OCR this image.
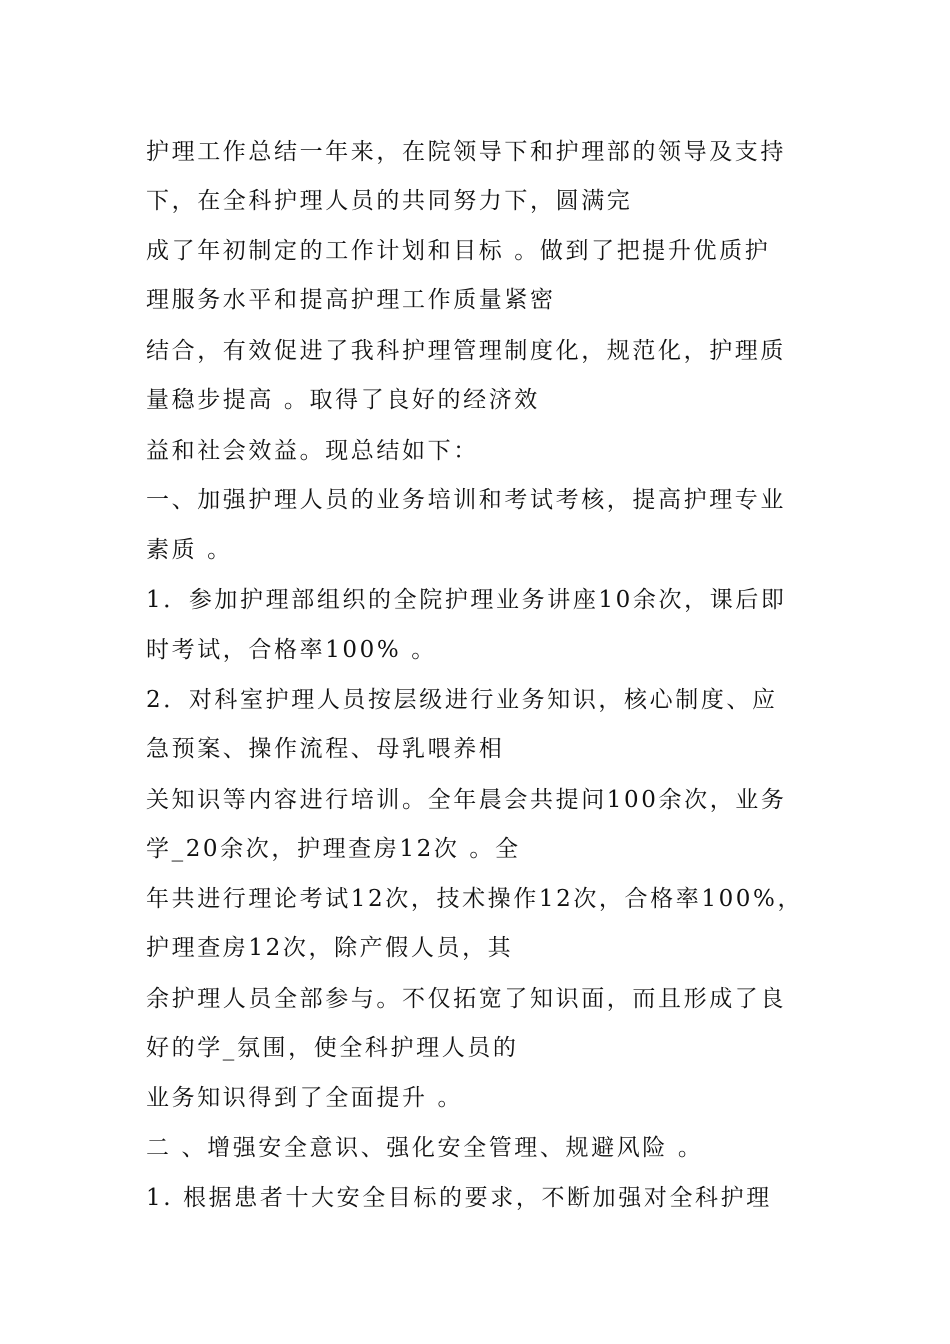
护理工作总结一年来，在院领导下和护理部的领导及支持
下，在全科护理人员的共同努力下，圆满完
成了年初制定的工作计划和目标 。做到了把提升优质护
理服务水平和提高护理工作质量紧密
结合，有效促进了我科护理管理制度化，规范化，护理质
量稳步提高 。取得了良好的经济效
益和社会效益。现总结如下：
一、加强护理人员的业务培训和考试考核，提高护理专业
素质 。
1．参加护理部组织的全院护理业务讲座10余次，课后即
时考试，合格率100% 。
2．对科室护理人员按层级进行业务知识，核心制度、应
急预案、操作流程、母乳喂养相
关知识等内容进行培训。全年晨会共提问100余次，业务
学_20余次，护理查房12次 。全
年共进行理论考试12次，技术操作12次，合格率100%，
护理查房12次，除产假人员，其
余护理人员全部参与。不仅拓宽了知识面，而且形成了良
好的学_氛围，使全科护理人员的
业务知识得到了全面提升 。
二 、增强安全意识、强化安全管理、规避风险 。
1. 根据患者十大安全目标的要求，不断加强对全科护理
